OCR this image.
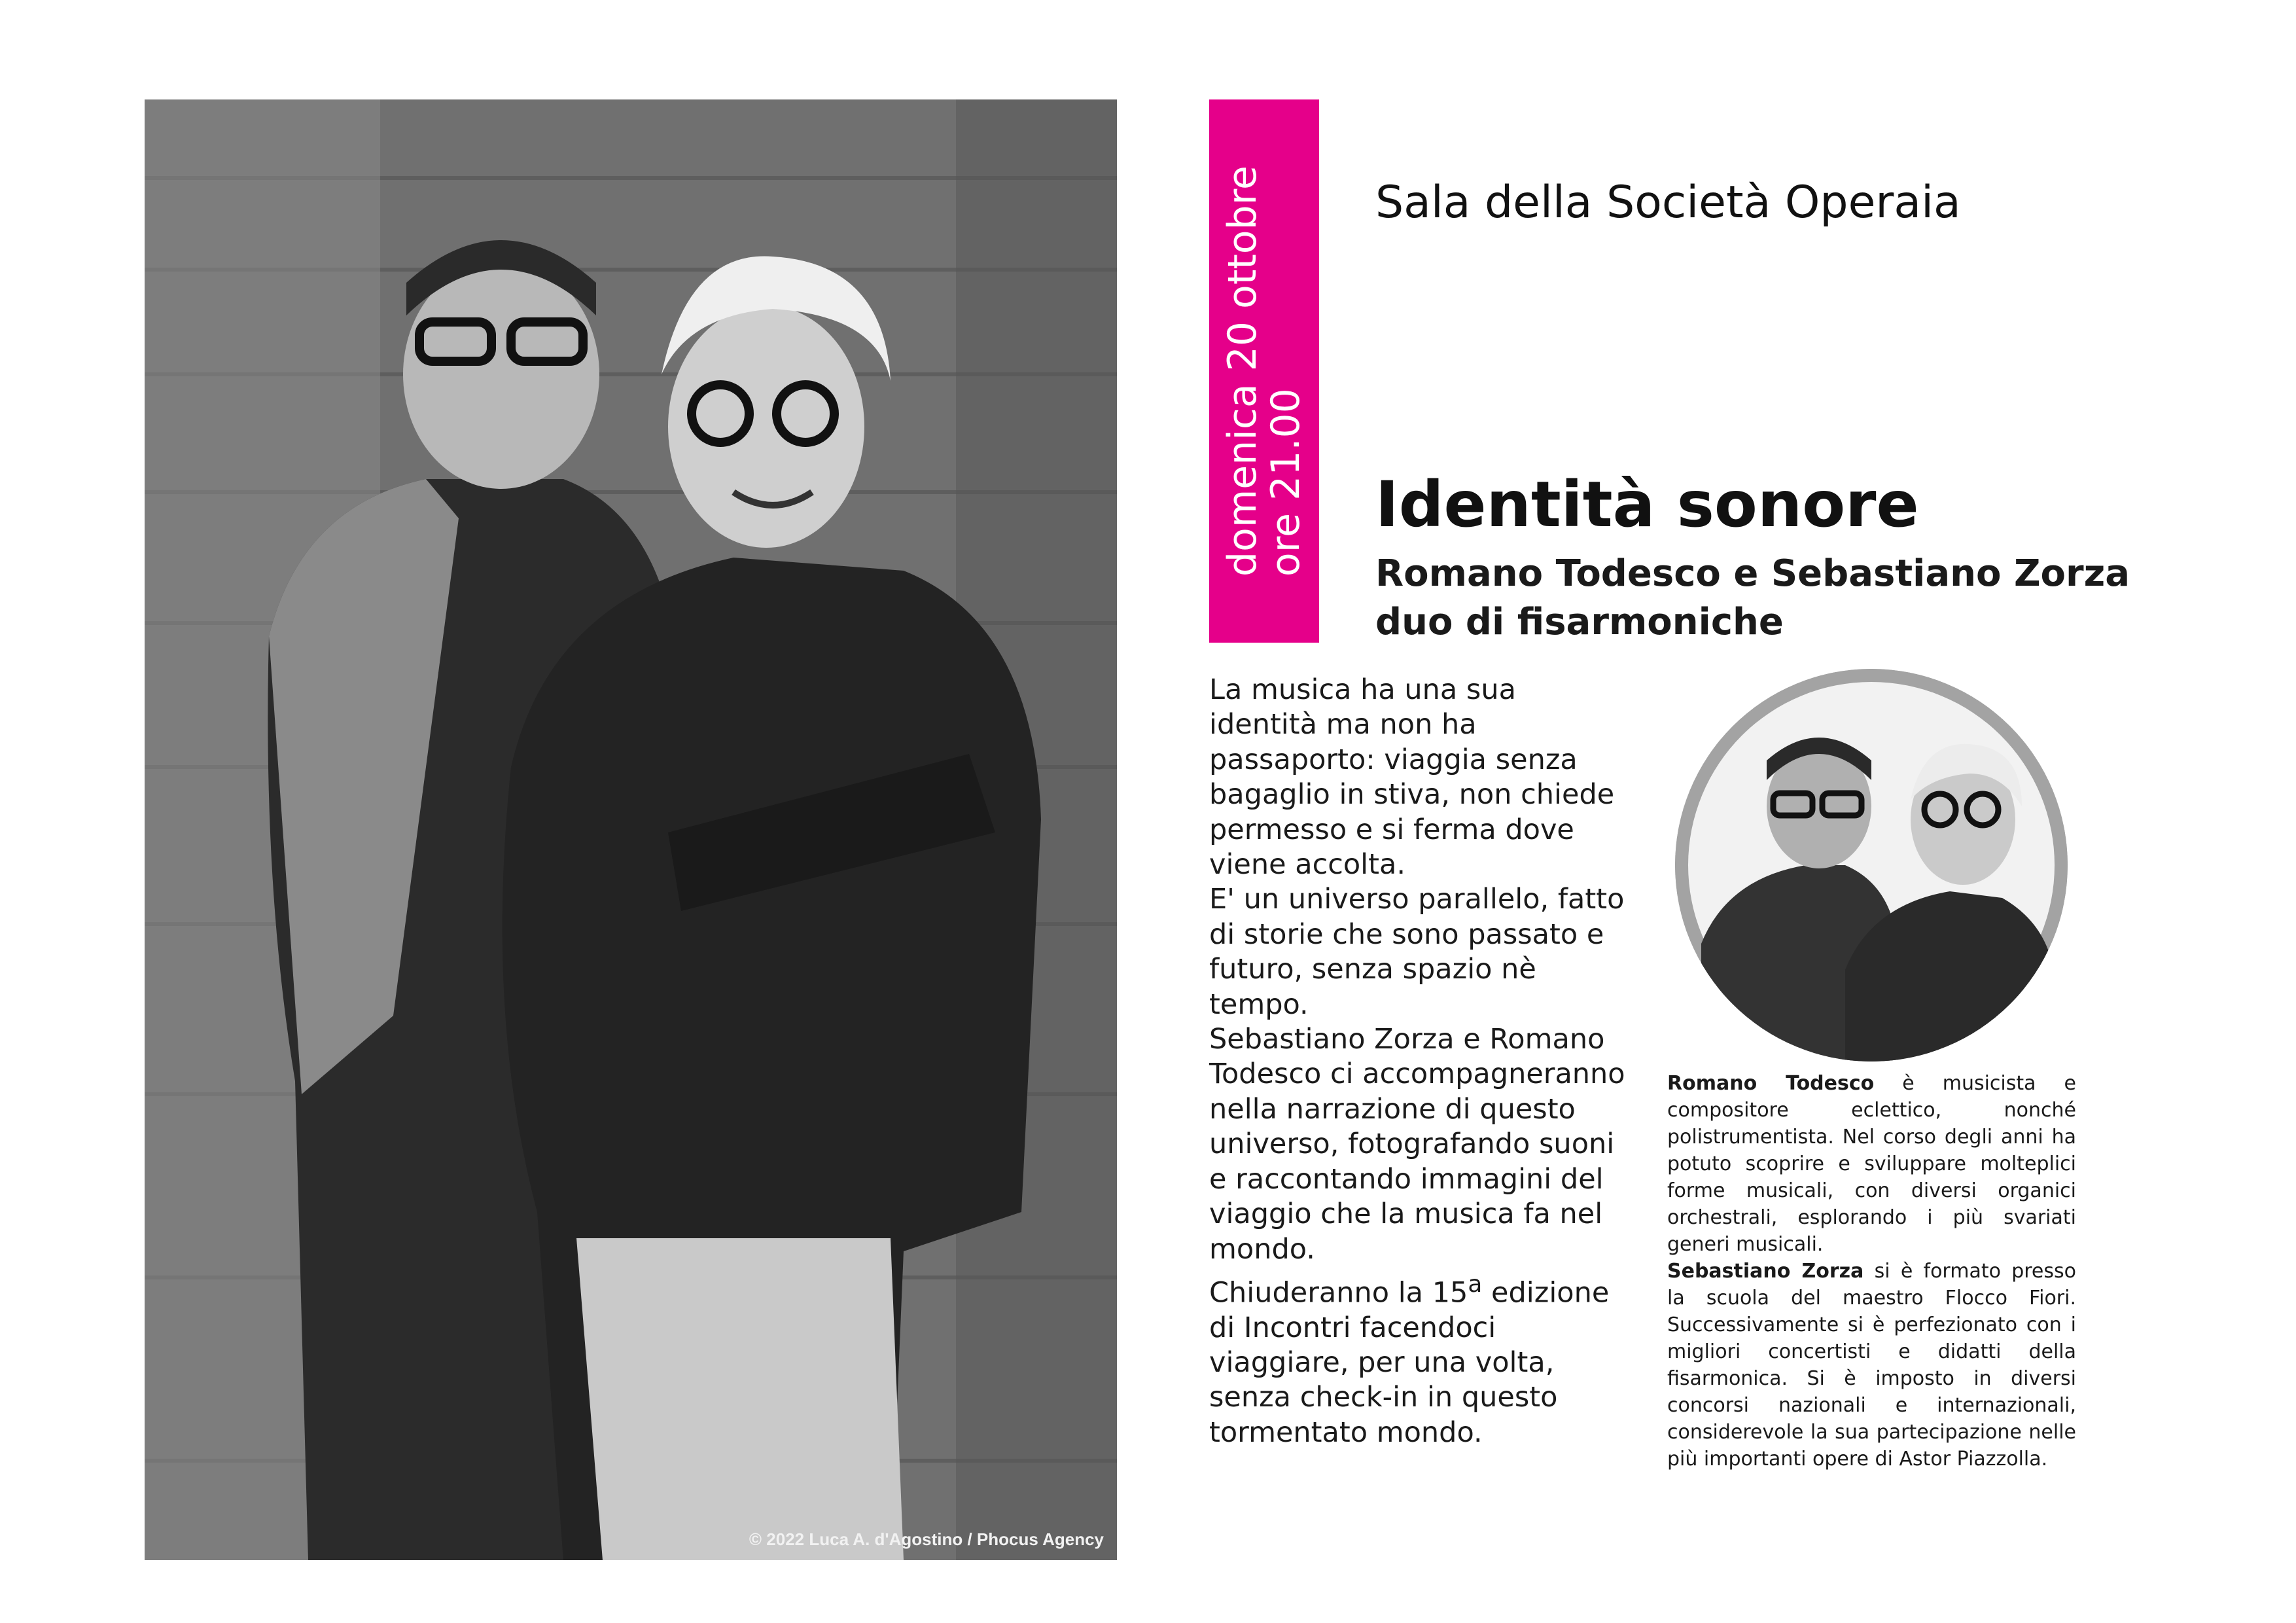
© 2022 Luca A. d'Agostino / Phocus Agency
domenica 20 ottobre
ore 21.00
Sala della Società Operaia
Identità sonore
Romano Todesco e Sebastiano Zorza
duo di fisarmoniche

La musica ha una sua identità ma non ha passaporto: viaggia senza bagaglio in stiva, non chiede permesso e si ferma dove viene accolta.

E' un universo parallelo, fatto di storie che sono passato e futuro, senza spazio nè tempo.

Sebastiano Zorza e Romano Todesco ci accompagneranno nella narrazione di questo universo, fotografando suoni e raccontando immagini del viaggio che la musica fa nel mondo.

Chiuderanno la 15$^a$ edizione di Incontri facendoci viaggiare, per una volta, senza check-in in questo tormentato mondo.

Romano Todesco è musicista e compositore eclettico, nonché polistrumentista. Nel corso degli anni ha potuto scoprire e sviluppare molteplici forme musicali, con diversi organici orchestrali, esplorando i più svariati generi musicali.

Sebastiano Zorza si è formato presso la scuola del maestro Flocco Fiori. Successivamente si è perfezionato con i migliori concertisti e didatti della fisarmonica. Si è imposto in diversi concorsi nazionali e internazionali, considerevole la sua partecipazione nelle più importanti opere di Astor Piazzolla.
